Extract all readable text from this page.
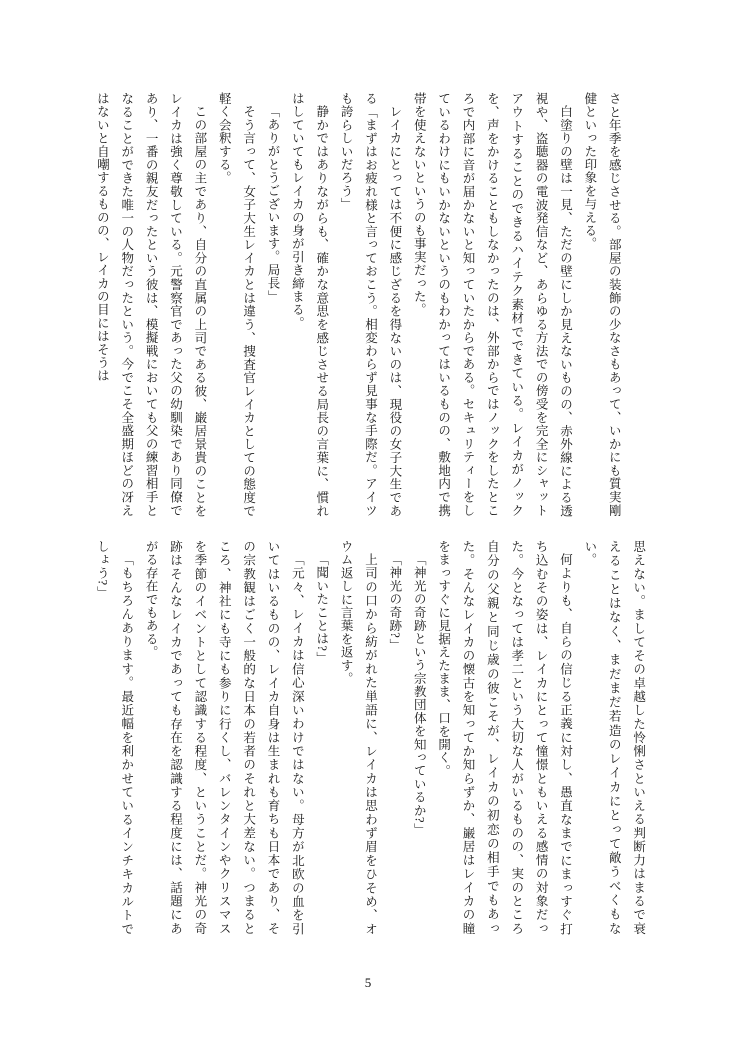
さと年季を感じさせる。部屋の装飾の少なさもあって、いかにも質実剛健といった印象を与える。
白塗りの壁は一見、ただの壁にしか見えないものの、赤外線による透視や、盗聴器の電波発信など、あらゆる方法での傍受を完全にシャットアウトすることのできるハイテク素材でできている。レイカがノックを、声をかけることもしなかったのは、外部からではノックをしたところで内部に音が届かないと知っていたからである。セキュリティーをしているわけにもいかないというのもわかってはいるものの、敷地内で携帯を使えないというのも事実だった。
レイカにとっては不便に感じざるを得ないのは、現役の女子大生である「まずはお疲れ様と言っておこう。相変わらず見事な手際だ。アイツも誇らしいだろう」
静かではありながらも、確かな意思を感じさせる局長の言葉に、慣れはしていてもレイカの身が引き締まる。
「ありがとうございます。局長」
そう言って、女子大生レイカとは違う、捜査官レイカとしての態度で軽く会釈する。
この部屋の主であり、自分の直属の上司である彼、巌居景貴のことをレイカは強く尊敬している。元警察官であった父の幼馴染であり同僚であり、一番の親友だったという彼は、模擬戦においても父の練習相手となることができた唯一の人物だったという。今でこそ全盛期ほどの冴えはないと自嘲するものの、レイカの目にはそうは
思えない。ましてその卓越した怜悧さといえる判断力はまるで衰えることはなく、まだまだ若造のレイカにとって敵うべくもない。
何よりも、自らの信じる正義に対し、愚直なまでにまっすぐ打ち込むその姿は、レイカにとって憧憬ともいえる感情の対象だった。今となっては孝二という大切な人がいるものの、実のところ自分の父親と同じ歳の彼こそが、レイカの初恋の相手でもあった。そんなレイカの懐古を知ってか知らずか、巌居はレイカの瞳をまっすぐに見据えたまま、口を開く。
「神光の奇跡という宗教団体を知っているか?」
「神光の奇跡?」
上司の口から紡がれた単語に、レイカは思わず眉をひそめ、オウム返しに言葉を返す。
「聞いたことは?」
「元々、レイカは信心深いわけではない。母方が北欧の血を引いてはいるものの、レイカ自身は生まれも育ちも日本であり、その宗教観はごく一般的な日本の若者のそれと大差ない。つまるところ、神社にも寺にも参りに行くし、バレンタインやクリスマスを季節のイベントとして認識する程度、ということだ。神光の奇跡はそんなレイカであっても存在を認識する程度には、話題にあがる存在でもある。
「もちろんあります。最近幅を利かせているインチキカルトでしょう?」
5
